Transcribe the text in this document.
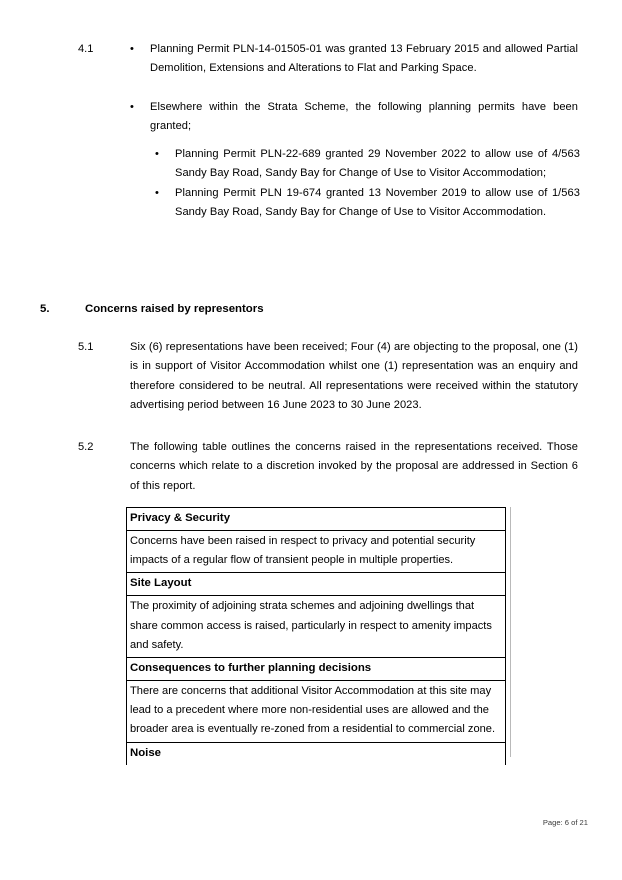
4.1	•	Planning Permit PLN-14-01505-01 was granted 13 February 2015 and allowed Partial Demolition, Extensions and Alterations to Flat and Parking Space.
•	Elsewhere within the Strata Scheme, the following planning permits have been granted;
•	Planning Permit PLN-22-689 granted 29 November 2022 to allow use of 4/563 Sandy Bay Road, Sandy Bay for Change of Use to Visitor Accommodation;
•	Planning Permit PLN 19-674 granted 13 November 2019 to allow use of 1/563 Sandy Bay Road, Sandy Bay for Change of Use to Visitor Accommodation.
5.	Concerns raised by representors
5.1	Six (6) representations have been received; Four (4) are objecting to the proposal, one (1) is in support of Visitor Accommodation whilst one (1) representation was an enquiry and therefore considered to be neutral. All representations were received within the statutory advertising period between 16 June 2023 to 30 June 2023.
5.2	The following table outlines the concerns raised in the representations received. Those concerns which relate to a discretion invoked by the proposal are addressed in Section 6 of this report.
Privacy & Security
Concerns have been raised in respect to privacy and potential security impacts of a regular flow of transient people in multiple properties.
Site Layout
The proximity of adjoining strata schemes and adjoining dwellings that share common access is raised, particularly in respect to amenity impacts and safety.
Consequences to further planning decisions
There are concerns that additional Visitor Accommodation at this site may lead to a precedent where more non-residential uses are allowed and the broader area is eventually re-zoned from a residential to commercial zone.
Noise
Page: 6 of 21
